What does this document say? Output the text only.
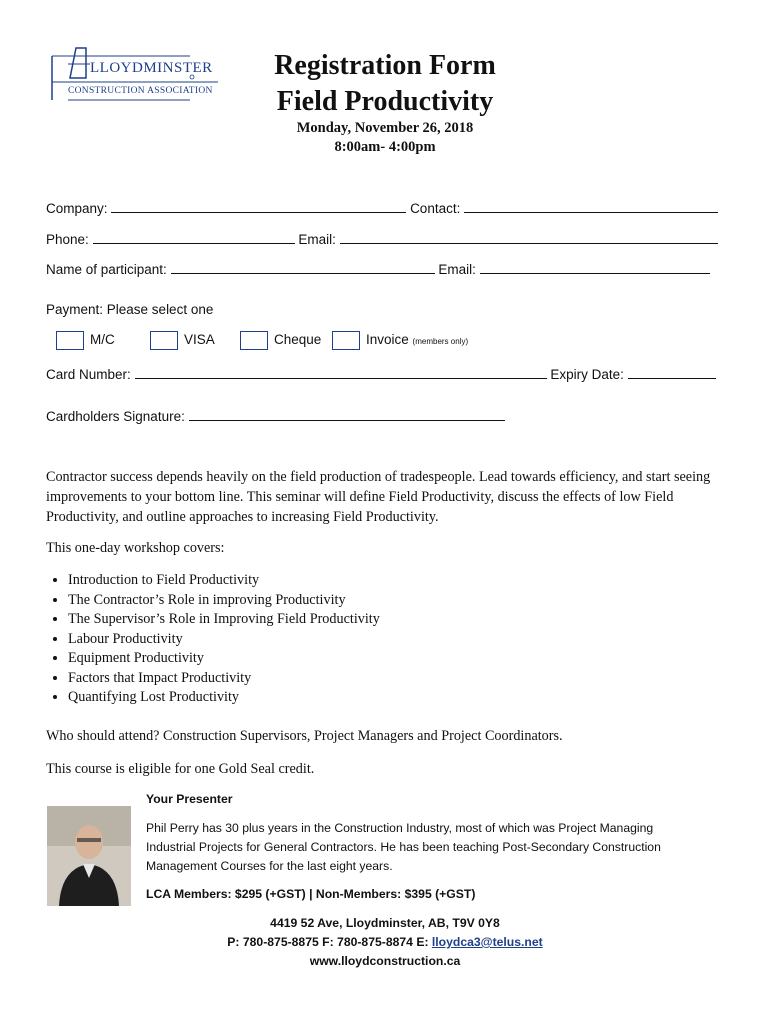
LLOYDMINSTER
CONSTRUCTION ASSOCIATION
Registration Form
Field Productivity
Monday, November 26, 2018
8:00am- 4:00pm
Company:	Contact:
Phone:	Email:
Name of participant:	Email:
Payment: Please select one
M/C	VISA	Cheque	Invoice (members only)
Card Number:	Expiry Date:
Cardholders Signature:
Contractor success depends heavily on the field production of tradespeople. Lead towards efficiency, and start seeing improvements to your bottom line. This seminar will define Field Productivity, discuss the effects of low Field Productivity, and outline approaches to increasing Field Productivity.
This one-day workshop covers:
• Introduction to Field Productivity
• The Contractor’s Role in improving Productivity
• The Supervisor’s Role in Improving Field Productivity
• Labour Productivity
• Equipment Productivity
• Factors that Impact Productivity
• Quantifying Lost Productivity
Who should attend? Construction Supervisors, Project Managers and Project Coordinators.
This course is eligible for one Gold Seal credit.
Your Presenter
Phil Perry has 30 plus years in the Construction Industry, most of which was Project Managing Industrial Projects for General Contractors. He has been teaching Post-Secondary Construction Management Courses for the last eight years.
LCA Members: $295 (+GST) | Non-Members: $395 (+GST)
4419 52 Ave, Lloydminster, AB, T9V 0Y8
P: 780-875-8875 F: 780-875-8874 E: lloydca3@telus.net
www.lloydconstruction.ca
